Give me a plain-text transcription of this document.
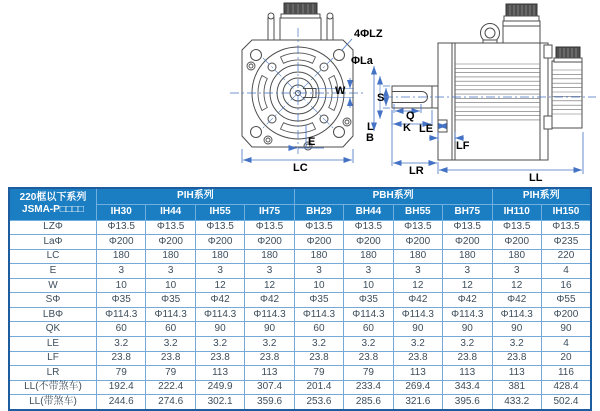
4ΦLZ
ΦLa
W
E
LC
S
Q
K
L
B
LE
LF
LR
LL
220框以下系列
JSMA-P□□□□	PIH系列				PBH系列				PIH系列	
	IH30	IH44	IH55	IH75	BH29	BH44	BH55	BH75	IH110	IH150
LZΦ	Φ13.5	Φ13.5	Φ13.5	Φ13.5	Φ13.5	Φ13.5	Φ13.5	Φ13.5	Φ13.5	Φ13.5
LaΦ	Φ200	Φ200	Φ200	Φ200	Φ200	Φ200	Φ200	Φ200	Φ200	Φ235
LC	180	180	180	180	180	180	180	180	180	220
E	3	3	3	3	3	3	3	3	3	4
W	10	10	12	12	10	10	12	12	12	16
SΦ	Φ35	Φ35	Φ42	Φ42	Φ35	Φ35	Φ42	Φ42	Φ42	Φ55
LBΦ	Φ114.3	Φ114.3	Φ114.3	Φ114.3	Φ114.3	Φ114.3	Φ114.3	Φ114.3	Φ114.3	Φ200
QK	60	60	90	90	60	60	90	90	90	90
LE	3.2	3.2	3.2	3.2	3.2	3.2	3.2	3.2	3.2	4
LF	23.8	23.8	23.8	23.8	23.8	23.8	23.8	23.8	23.8	20
LR	79	79	113	113	79	79	113	113	113	116
LL(不带煞车)	192.4	222.4	249.9	307.4	201.4	233.4	269.4	343.4	381	428.4
LL(带煞车)	244.6	274.6	302.1	359.6	253.6	285.6	321.6	395.6	433.2	502.4
